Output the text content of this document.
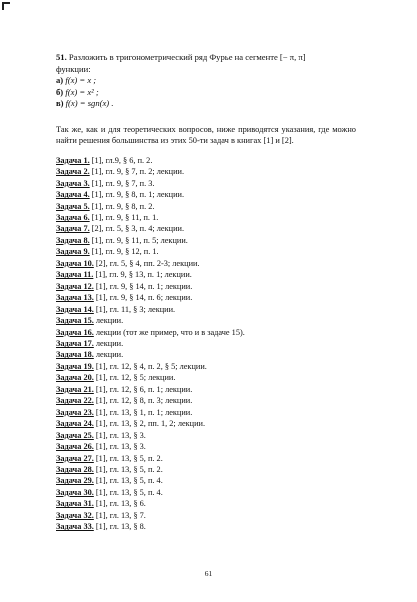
51. Разложить в тригонометрический ряд Фурье на сегменте [− π, π]
функции:
а) f(x) = x ;
б) f(x) = x² ;
в) f(x) = sgn(x) .

Так же, как и для теоретических вопросов, ниже приводятся указания, где можно найти решения большинства из этих 50-ти задач в книгах [1] и [2].

Задача 1. [1], гл.9, § 6, п. 2.
Задача 2. [1], гл. 9, § 7, п. 2; лекции.
Задача 3. [1], гл. 9, § 7, п. 3.
Задача 4. [1], гл. 9, § 8, п. 1; лекции.
Задача 5. [1], гл. 9, § 8, п. 2.
Задача 6. [1], гл. 9, § 11, п. 1.
Задача 7. [2], гл. 5, § 3, п. 4; лекции.
Задача 8. [1], гл. 9, § 11, п. 5; лекции.
Задача 9. [1], гл. 9, § 12, п. 1.
Задача 10. [2], гл. 5, § 4, пп. 2-3; лекции.
Задача 11. [1], гл. 9, § 13, п. 1; лекции.
Задача 12. [1], гл. 9, § 14, п. 1; лекции.
Задача 13. [1], гл. 9, § 14, п. 6; лекции.
Задача 14. [1], гл. 11, § 3; лекции.
Задача 15. лекции.
Задача 16. лекции (тот же пример, что и в задаче 15).
Задача 17. лекции.
Задача 18. лекции.
Задача 19. [1], гл. 12, § 4, п. 2, § 5; лекции.
Задача 20. [1], гл. 12, § 5; лекции.
Задача 21. [1], гл. 12, § 6, п. 1; лекции.
Задача 22. [1], гл. 12, § 8, п. 3; лекции.
Задача 23. [1], гл. 13, § 1, п. 1; лекции.
Задача 24. [1], гл. 13, § 2, пп. 1, 2; лекции.
Задача 25. [1], гл. 13, § 3.
Задача 26. [1], гл. 13, § 3.
Задача 27. [1], гл. 13, § 5, п. 2.
Задача 28. [1], гл. 13, § 5, п. 2.
Задача 29. [1], гл. 13, § 5, п. 4.
Задача 30. [1], гл. 13, § 5, п. 4.
Задача 31. [1], гл. 13, § 6.
Задача 32. [1], гл. 13, § 7.
Задача 33. [1], гл. 13, § 8.
61
